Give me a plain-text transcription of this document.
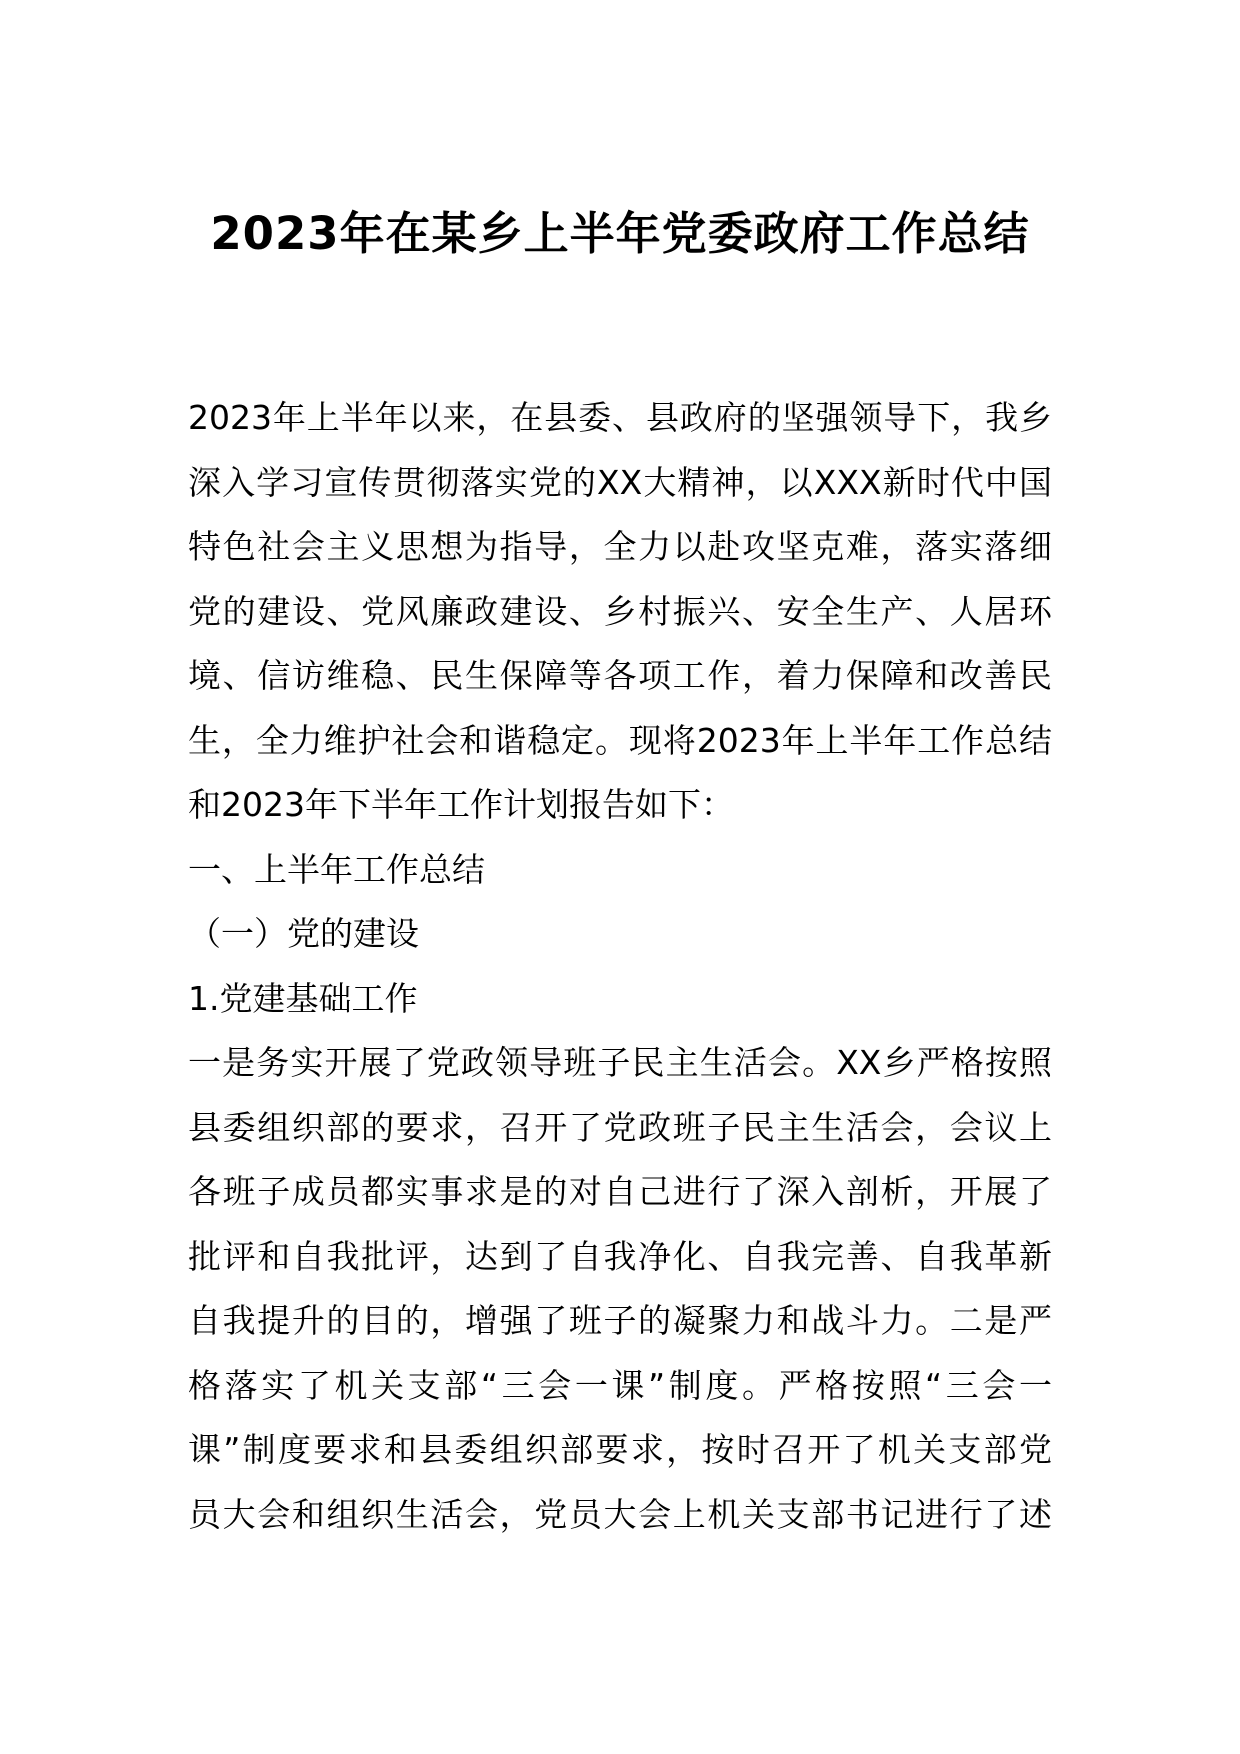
2023年在某乡上半年党委政府工作总结
2023年上半年以来，在县委、县政府的坚强领导下，我乡
深入学习宣传贯彻落实党的XX大精神，以XXX新时代中国
特色社会主义思想为指导，全力以赴攻坚克难，落实落细
党的建设、党风廉政建设、乡村振兴、安全生产、人居环
境、信访维稳、民生保障等各项工作，着力保障和改善民
生，全力维护社会和谐稳定。现将2023年上半年工作总结
和2023年下半年工作计划报告如下：
一、上半年工作总结
（一）党的建设
1.党建基础工作
一是务实开展了党政领导班子民主生活会。XX乡严格按照
县委组织部的要求，召开了党政班子民主生活会，会议上
各班子成员都实事求是的对自己进行了深入剖析，开展了
批评和自我批评，达到了自我净化、自我完善、自我革新
自我提升的目的，增强了班子的凝聚力和战斗力。二是严
格落实了机关支部“三会一课”制度。严格按照“三会一
课”制度要求和县委组织部要求，按时召开了机关支部党
员大会和组织生活会，党员大会上机关支部书记进行了述
